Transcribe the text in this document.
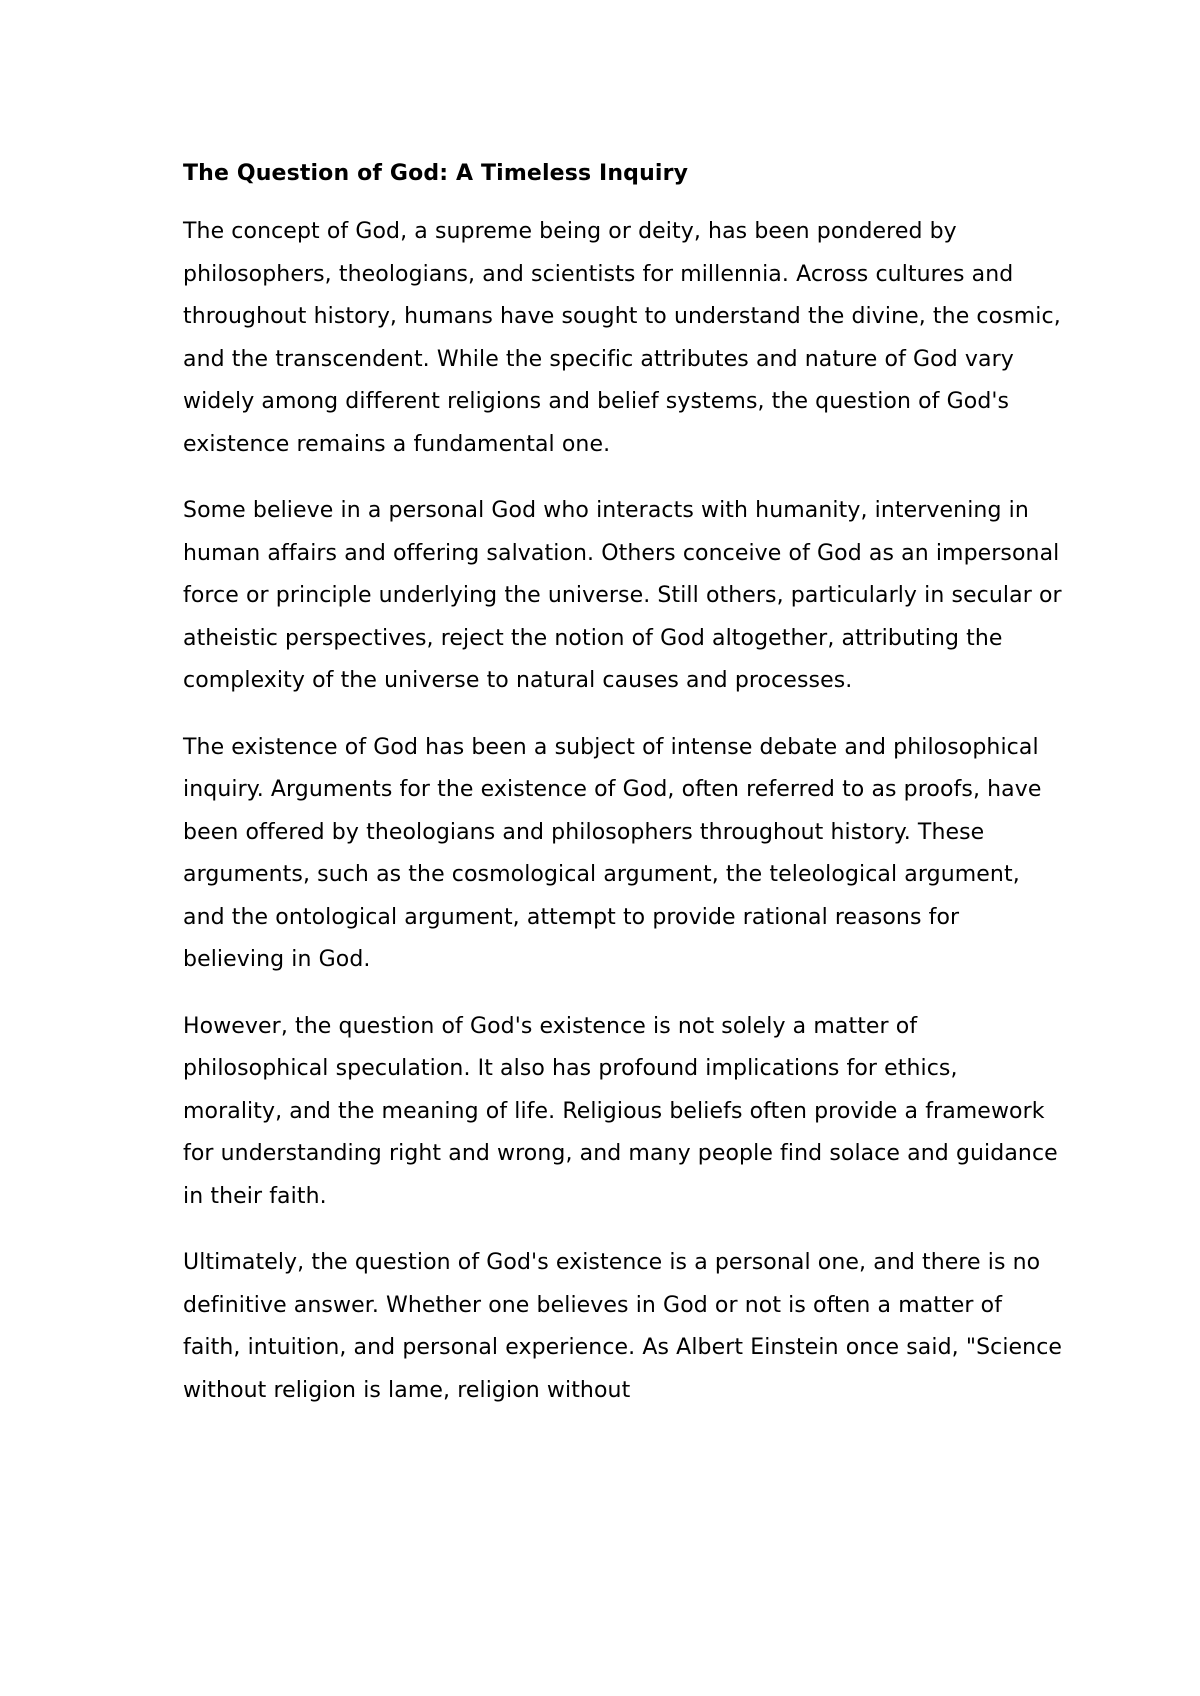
The Question of God: A Timeless Inquiry

The concept of God, a supreme being or deity, has been pondered by philosophers, theologians, and scientists for millennia. Across cultures and throughout history, humans have sought to understand the divine, the cosmic, and the transcendent. While the specific attributes and nature of God vary widely among different religions and belief systems, the question of God's existence remains a fundamental one.

Some believe in a personal God who interacts with humanity, intervening in human affairs and offering salvation. Others conceive of God as an impersonal force or principle underlying the universe. Still others, particularly in secular or atheistic perspectives, reject the notion of God altogether, attributing the complexity of the universe to natural causes and processes.

The existence of God has been a subject of intense debate and philosophical inquiry. Arguments for the existence of God, often referred to as proofs, have been offered by theologians and philosophers throughout history. These arguments, such as the cosmological argument, the teleological argument, and the ontological argument, attempt to provide rational reasons for believing in God.

However, the question of God's existence is not solely a matter of philosophical speculation. It also has profound implications for ethics, morality, and the meaning of life. Religious beliefs often provide a framework for understanding right and wrong, and many people find solace and guidance in their faith.

Ultimately, the question of God's existence is a personal one, and there is no definitive answer. Whether one believes in God or not is often a matter of faith, intuition, and personal experience. As Albert Einstein once said, "Science without religion is lame, religion without
